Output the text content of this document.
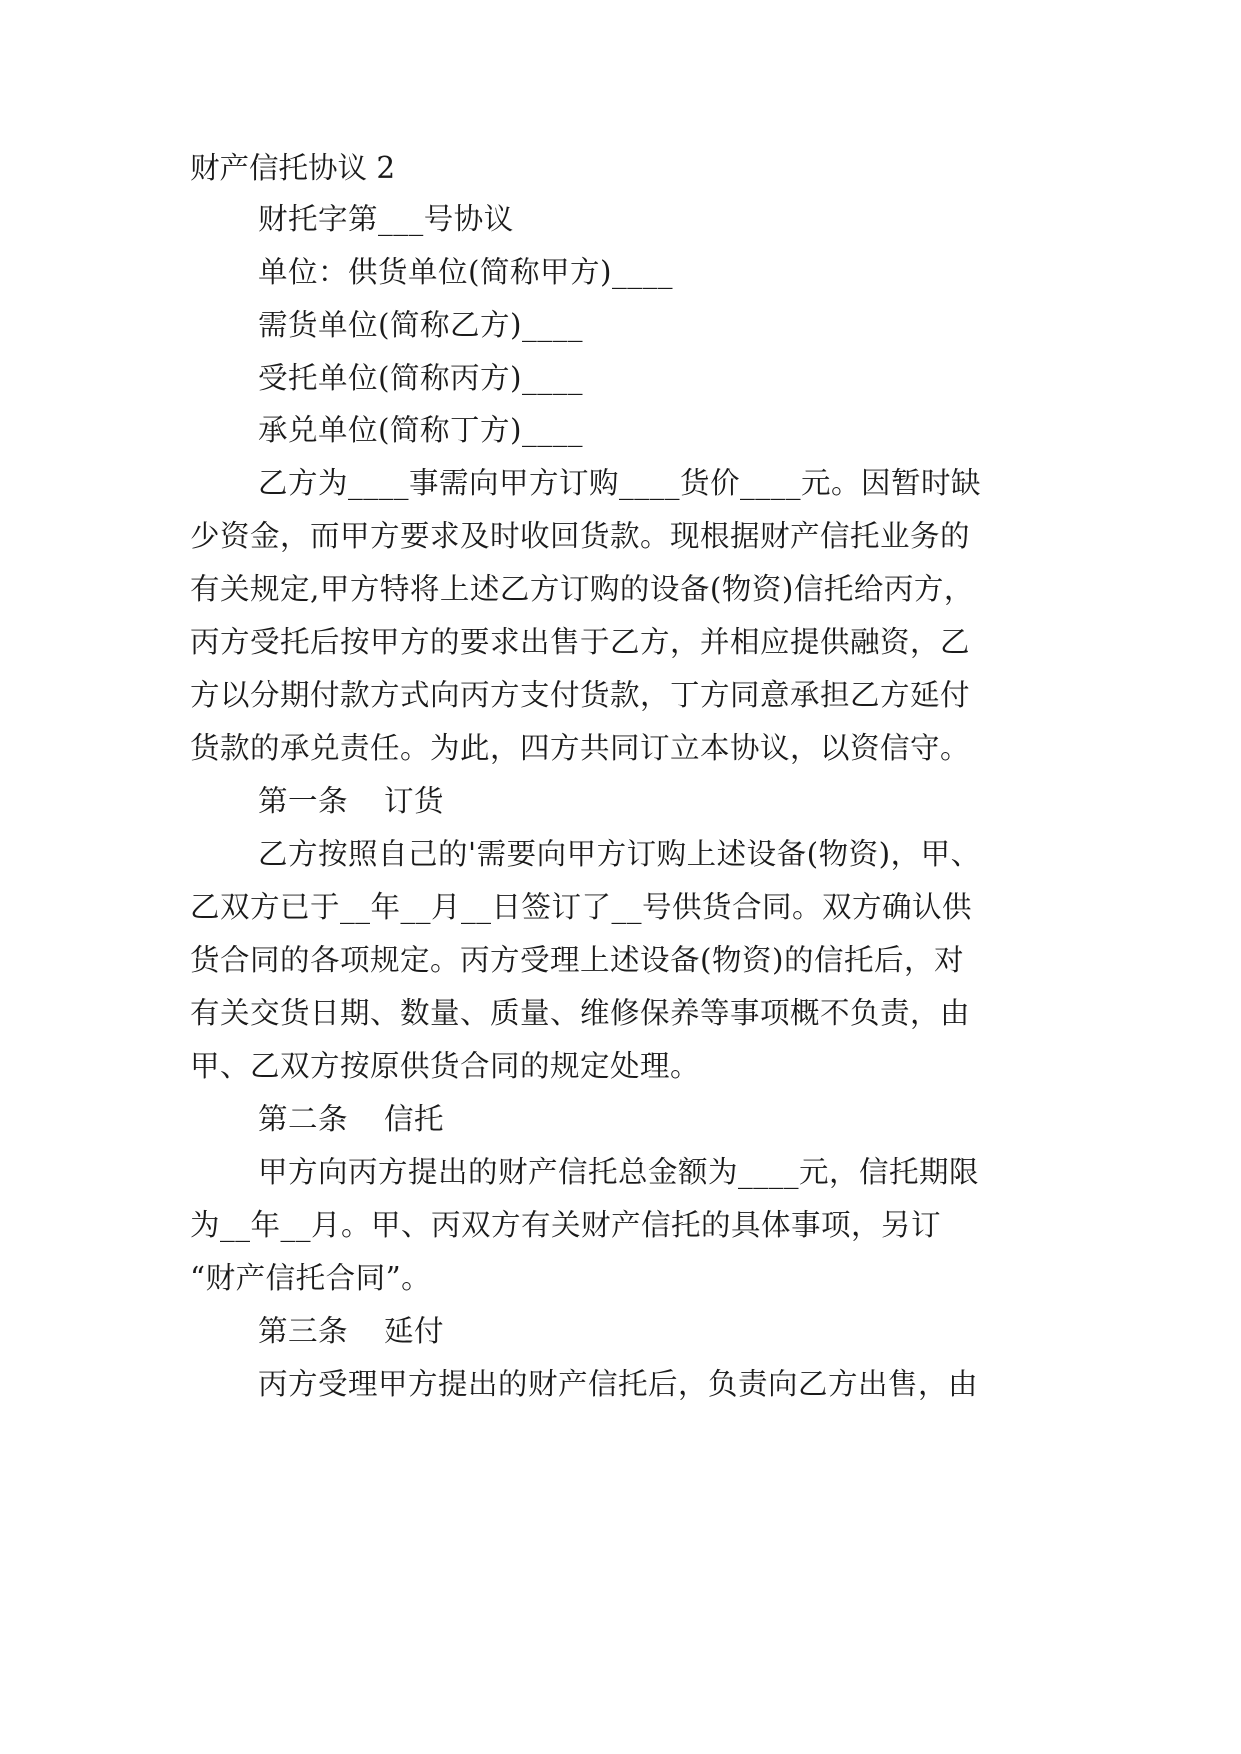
财产信托协议 2
财托字第___号协议
单位：供货单位(简称甲方)____
需货单位(简称乙方)____
受托单位(简称丙方)____
承兑单位(简称丁方)____
乙方为____事需向甲方订购____货价____元。因暂时缺
少资金，而甲方要求及时收回货款。现根据财产信托业务的
有关规定,甲方特将上述乙方订购的设备(物资)信托给丙方，
丙方受托后按甲方的要求出售于乙方，并相应提供融资，乙
方以分期付款方式向丙方支付货款，丁方同意承担乙方延付
货款的承兑责任。为此，四方共同订立本协议，以资信守。
第一条 订货
乙方按照自己的'需要向甲方订购上述设备(物资)，甲、
乙双方已于__年__月__日签订了__号供货合同。双方确认供
货合同的各项规定。丙方受理上述设备(物资)的信托后，对
有关交货日期、数量、质量、维修保养等事项概不负责，由
甲、乙双方按原供货合同的规定处理。
第二条 信托
甲方向丙方提出的财产信托总金额为____元，信托期限
为__年__月。甲、丙双方有关财产信托的具体事项，另订
“财产信托合同”。
第三条 延付
丙方受理甲方提出的财产信托后，负责向乙方出售，由
